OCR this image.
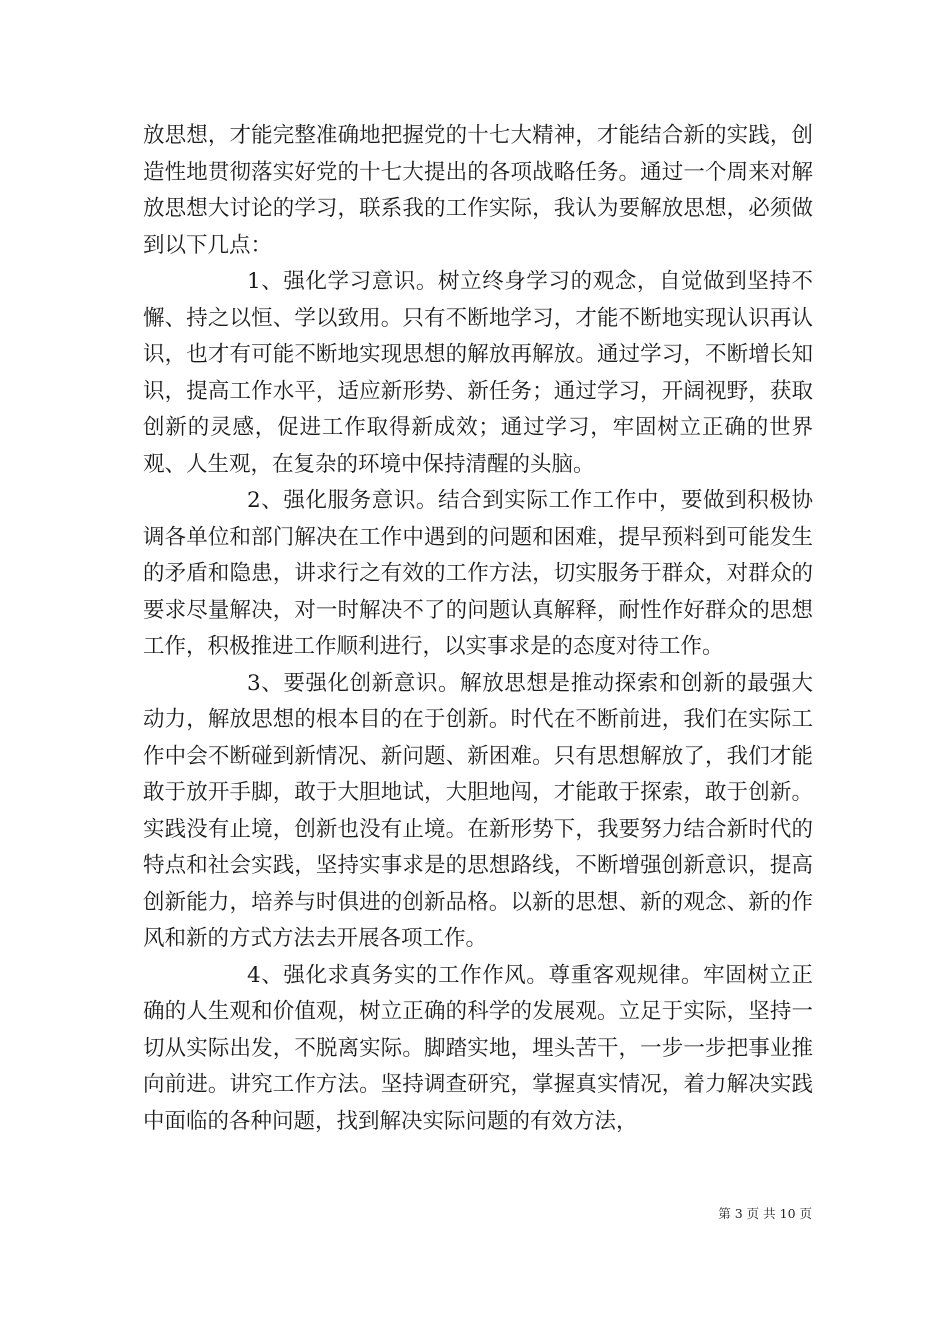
放思想，才能完整准确地把握党的十七大精神，才能结合新的实践，创造性地贯彻落实好党的十七大提出的各项战略任务。通过一个周来对解放思想大讨论的学习，联系我的工作实际，我认为要解放思想，必须做到以下几点：

1、强化学习意识。树立终身学习的观念，自觉做到坚持不懈、持之以恒、学以致用。只有不断地学习，才能不断地实现认识再认识，也才有可能不断地实现思想的解放再解放。通过学习，不断增长知识，提高工作水平，适应新形势、新任务；通过学习，开阔视野，获取创新的灵感，促进工作取得新成效；通过学习，牢固树立正确的世界观、人生观，在复杂的环境中保持清醒的头脑。

2、强化服务意识。结合到实际工作工作中，要做到积极协调各单位和部门解决在工作中遇到的问题和困难，提早预料到可能发生的矛盾和隐患，讲求行之有效的工作方法，切实服务于群众，对群众的要求尽量解决，对一时解决不了的问题认真解释，耐性作好群众的思想工作，积极推进工作顺利进行，以实事求是的态度对待工作。

3、要强化创新意识。解放思想是推动探索和创新的最强大动力，解放思想的根本目的在于创新。时代在不断前进，我们在实际工作中会不断碰到新情况、新问题、新困难。只有思想解放了，我们才能敢于放开手脚，敢于大胆地试，大胆地闯，才能敢于探索，敢于创新。实践没有止境，创新也没有止境。在新形势下，我要努力结合新时代的特点和社会实践，坚持实事求是的思想路线，不断增强创新意识，提高创新能力，培养与时俱进的创新品格。以新的思想、新的观念、新的作风和新的方式方法去开展各项工作。

4、强化求真务实的工作作风。尊重客观规律。牢固树立正确的人生观和价值观，树立正确的科学的发展观。立足于实际，坚持一切从实际出发，不脱离实际。脚踏实地，埋头苦干，一步一步把事业推向前进。讲究工作方法。坚持调查研究，掌握真实情况，着力解决实践中面临的各种问题，找到解决实际问题的有效方法，

第 3 页 共 10 页
